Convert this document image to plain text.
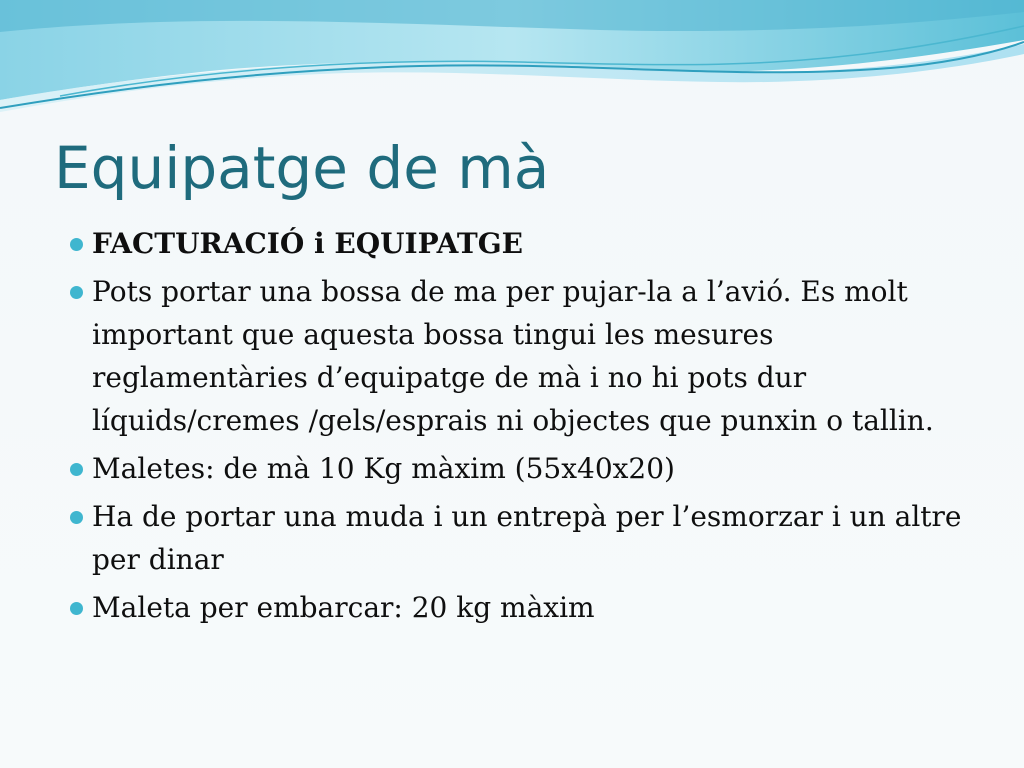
Equipatge de mà
FACTURACIÓ i EQUIPATGE
Pots portar una bossa de ma per pujar-la a l’avió. Es molt important que aquesta bossa tingui les mesures reglamentàries d’equipatge de mà i no hi pots dur líquids/cremes /gels/esprais ni objectes que punxin o tallin.
Maletes: de mà 10 Kg màxim (55x40x20)
Ha de portar una muda i un entrepà per l’esmorzar i un altre per dinar
Maleta per embarcar: 20 kg màxim
